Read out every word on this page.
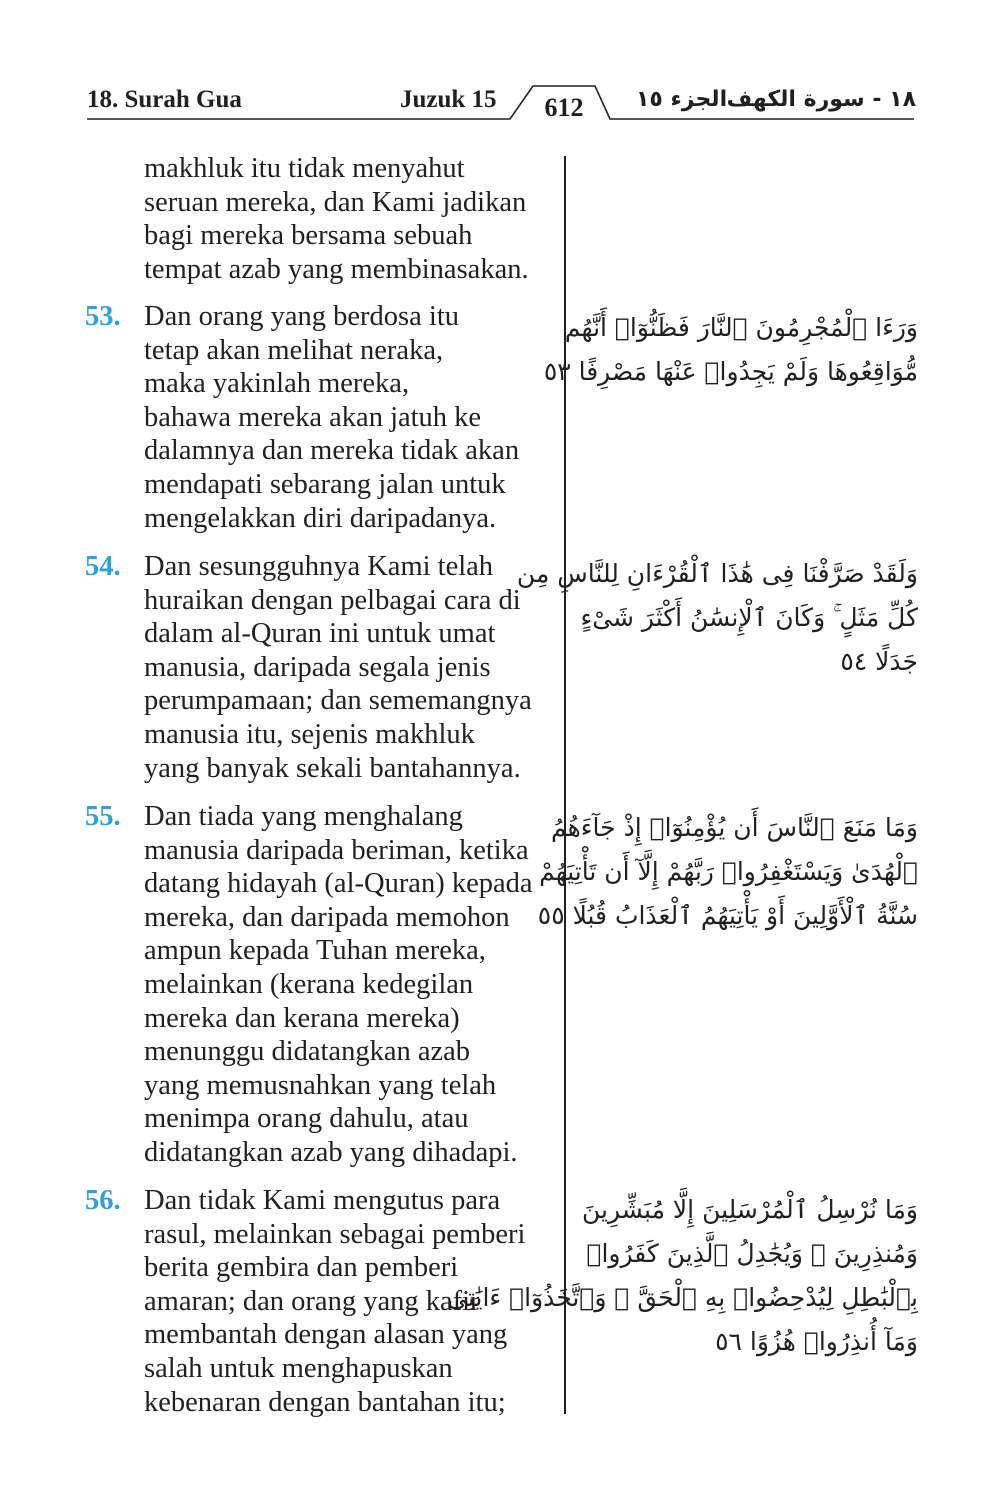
18. Surah Gua	Juzuk 15	612	الجزء ١٥ ١٨ - سورة الكهف
makhluk itu tidak menyahut
seruan mereka, dan Kami jadikan
bagi mereka bersama sebuah
tempat azab yang membinasakan.
53. Dan orang yang berdosa itu
tetap akan melihat neraka,
maka yakinlah mereka,
bahawa mereka akan jatuh ke
dalamnya dan mereka tidak akan
mendapati sebarang jalan untuk
mengelakkan diri daripadanya.
وَرَءَا ٱلْمُجْرِمُونَ ٱلنَّارَ فَظَنُّوٓا۟ أَنَّهُم
مُّوَاقِعُوهَا وَلَمْ يَجِدُوا۟ عَنْهَا مَصْرِفًا ٥٣
54. Dan sesungguhnya Kami telah
huraikan dengan pelbagai cara di
dalam al-Quran ini untuk umat
manusia, daripada segala jenis
perumpamaan; dan sememangnya
manusia itu, sejenis makhluk
yang banyak sekali bantahannya.
وَلَقَدْ صَرَّفْنَا فِى هَٰذَا ٱلْقُرْءَانِ لِلنَّاسِ مِن
كُلِّ مَثَلٍ ۚ وَكَانَ ٱلْإِنسَٰنُ أَكْثَرَ شَىْءٍ
جَدَلًا ٥٤
55. Dan tiada yang menghalang
manusia daripada beriman, ketika
datang hidayah (al-Quran) kepada
mereka, dan daripada memohon
ampun kepada Tuhan mereka,
melainkan (kerana kedegilan
mereka dan kerana mereka)
menunggu didatangkan azab
yang memusnahkan yang telah
menimpa orang dahulu, atau
didatangkan azab yang dihadapi.
وَمَا مَنَعَ ٱلنَّاسَ أَن يُؤْمِنُوٓا۟ إِذْ جَآءَهُمُ
ٱلْهُدَىٰ وَيَسْتَغْفِرُوا۟ رَبَّهُمْ إِلَّآ أَن تَأْتِيَهُمْ
سُنَّةُ ٱلْأَوَّلِينَ أَوْ يَأْتِيَهُمُ ٱلْعَذَابُ قُبُلًا ٥٥
56. Dan tidak Kami mengutus para
rasul, melainkan sebagai pemberi
berita gembira dan pemberi
amaran; dan orang yang kafir
membantah dengan alasan yang
salah untuk menghapuskan
kebenaran dengan bantahan itu;
وَمَا نُرْسِلُ ٱلْمُرْسَلِينَ إِلَّا مُبَشِّرِينَ
وَمُنذِرِينَ ۚ وَيُجَٰدِلُ ٱلَّذِينَ كَفَرُوا۟
بِٱلْبَٰطِلِ لِيُدْحِضُوا۟ بِهِ ٱلْحَقَّ ۖ وَٱتَّخَذُوٓا۟ ءَايَٰتِى
وَمَآ أُنذِرُوا۟ هُزُوًا ٥٦
